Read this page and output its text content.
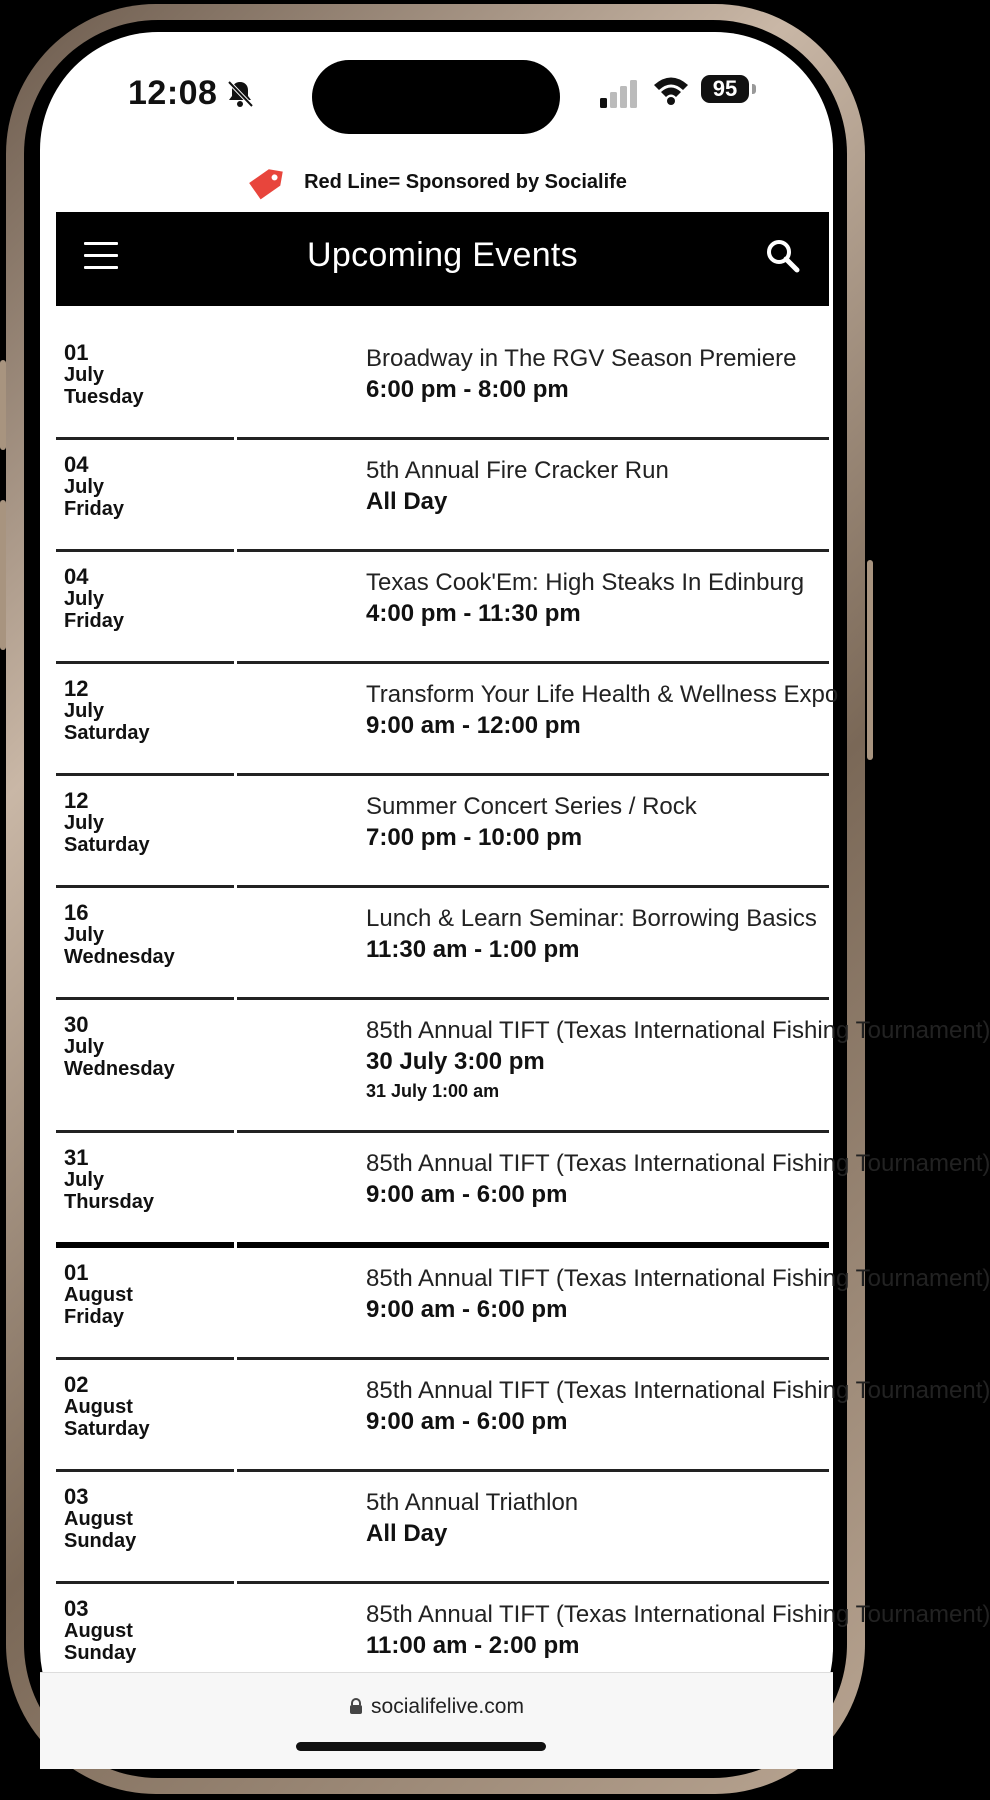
12:08	95
Red Line= Sponsored by Socialife
Upcoming Events
01
July
Tuesday
Broadway in The RGV Season Premiere
6:00 pm - 8:00 pm
04
July
Friday
5th Annual Fire Cracker Run
All Day
04
July
Friday
Texas Cook'Em: High Steaks In Edinburg
4:00 pm - 11:30 pm
12
July
Saturday
Transform Your Life Health & Wellness Expo
9:00 am - 12:00 pm
12
July
Saturday
Summer Concert Series / Rock
7:00 pm - 10:00 pm
16
July
Wednesday
Lunch & Learn Seminar: Borrowing Basics
11:30 am - 1:00 pm
30
July
Wednesday
85th Annual TIFT (Texas International Fishing Tournament)
30 July 3:00 pm
31 July 1:00 am
31
July
Thursday
85th Annual TIFT (Texas International Fishing Tournament)
9:00 am - 6:00 pm
01
August
Friday
85th Annual TIFT (Texas International Fishing Tournament)
9:00 am - 6:00 pm
02
August
Saturday
85th Annual TIFT (Texas International Fishing Tournament)
9:00 am - 6:00 pm
03
August
Sunday
5th Annual Triathlon
All Day
03
August
Sunday
85th Annual TIFT (Texas International Fishing Tournament)
11:00 am - 2:00 pm
socialifelive.com
